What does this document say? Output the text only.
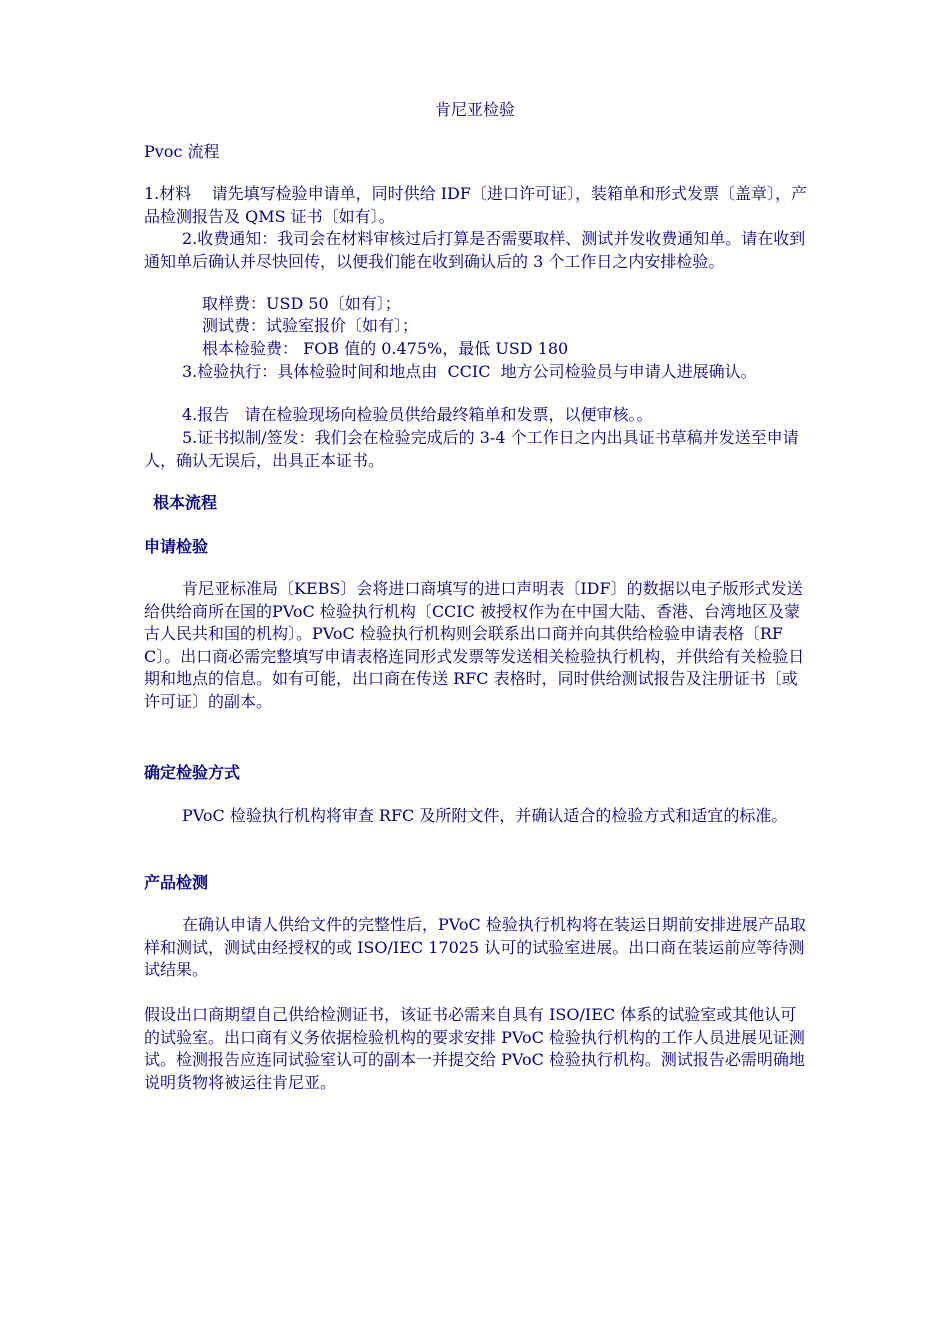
肯尼亚检验

Pvoc 流程

1.材料    请先填写检验申请单，同时供给 IDF〔进口许可证〕，装箱单和形式发票〔盖章〕，产品检测报告及 QMS 证书〔如有〕。

2.收费通知：我司会在材料审核过后打算是否需要取样、测试并发收费通知单。请在收到通知单后确认并尽快回传，以便我们能在收到确认后的 3 个工作日之内安排检验。

取样费：USD 50〔如有〕；

测试费：试验室报价〔如有〕；

根本检验费： FOB 值的 0.475%，最低 USD 180

3.检验执行：具体检验时间和地点由  CCIC  地方公司检验员与申请人进展确认。

4.报告   请在检验现场向检验员供给最终箱单和发票，以便审核。。

5.证书拟制/签发：我们会在检验完成后的 3-4 个工作日之内出具证书草稿并发送至申请人，确认无误后，出具正本证书。

根本流程

申请检验

肯尼亚标准局〔KEBS〕会将进口商填写的进口声明表〔IDF〕的数据以电子版形式发送给供给商所在国的PVoC 检验执行机构〔CCIC 被授权作为在中国大陆、香港、台湾地区及蒙古人民共和国的机构〕。PVoC 检验执行机构则会联系出口商并向其供给检验申请表格〔RFC〕。出口商必需完整填写申请表格连同形式发票等发送相关检验执行机构，并供给有关检验日期和地点的信息。如有可能，出口商在传送 RFC 表格时，同时供给测试报告及注册证书〔或许可证〕的副本。

确定检验方式

PVoC 检验执行机构将审查 RFC 及所附文件，并确认适合的检验方式和适宜的标准。

产品检测

在确认申请人供给文件的完整性后，PVoC 检验执行机构将在装运日期前安排进展产品取样和测试，测试由经授权的或 ISO/IEC 17025 认可的试验室进展。出口商在装运前应等待测试结果。

假设出口商期望自己供给检测证书，该证书必需来自具有 ISO/IEC 体系的试验室或其他认可的试验室。出口商有义务依据检验机构的要求安排 PVoC 检验执行机构的工作人员进展见证测试。检测报告应连同试验室认可的副本一并提交给 PVoC 检验执行机构。测试报告必需明确地说明货物将被运往肯尼亚。
